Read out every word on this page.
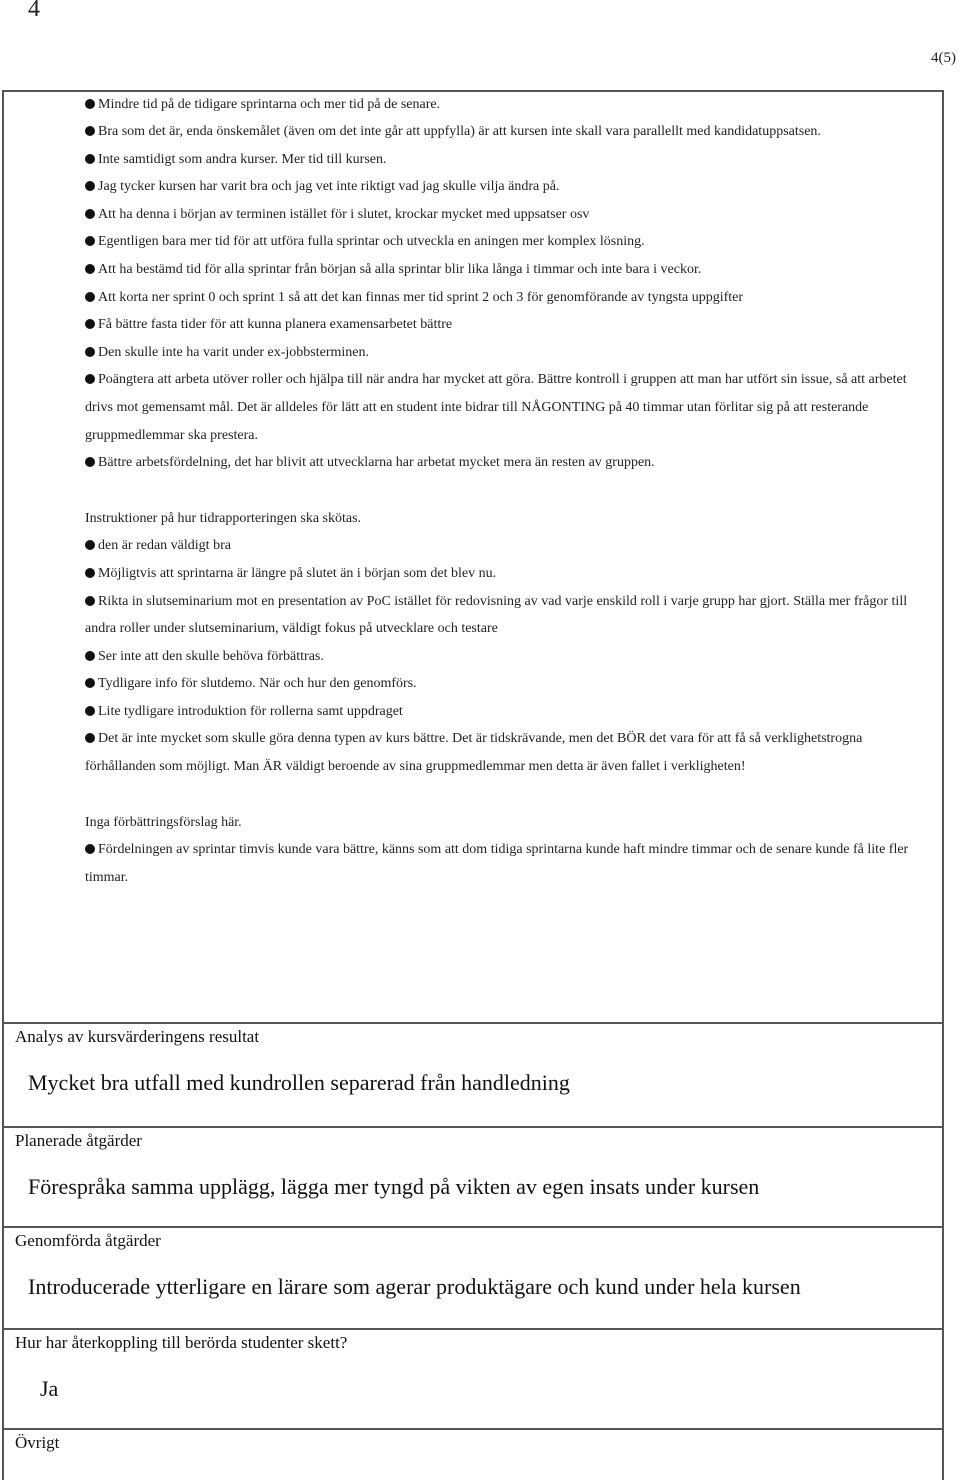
4
4(5)

Mindre tid på de tidigare sprintarna och mer tid på de senare.

Bra som det är, enda önskemålet (även om det inte går att uppfylla) är att kursen inte skall vara parallellt med kandidatuppsatsen.

Inte samtidigt som andra kurser. Mer tid till kursen.

Jag tycker kursen har varit bra och jag vet inte riktigt vad jag skulle vilja ändra på.

Att ha denna i början av terminen istället för i slutet, krockar mycket med uppsatser osv

Egentligen bara mer tid för att utföra fulla sprintar och utveckla en aningen mer komplex lösning.

Att ha bestämd tid för alla sprintar från början så alla sprintar blir lika långa i timmar och inte bara i veckor.

Att korta ner sprint 0 och sprint 1 så att det kan finnas mer tid sprint 2 och 3 för genomförande av tyngsta uppgifter

Få bättre fasta tider för att kunna planera examensarbetet bättre

Den skulle inte ha varit under ex-jobbsterminen.

Poängtera att arbeta utöver roller och hjälpa till när andra har mycket att göra. Bättre kontroll i gruppen att man har utfört sin issue, så att arbetet drivs mot gemensamt mål. Det är alldeles för lätt att en student inte bidrar till NÅGONTING på 40 timmar utan förlitar sig på att resterande gruppmedlemmar ska prestera.

Bättre arbetsfördelning, det har blivit att utvecklarna har arbetat mycket mera än resten av gruppen.

Instruktioner på hur tidrapporteringen ska skötas.

den är redan väldigt bra

Möjligtvis att sprintarna är längre på slutet än i början som det blev nu.

Rikta in slutseminarium mot en presentation av PoC istället för redovisning av vad varje enskild roll i varje grupp har gjort. Ställa mer frågor till andra roller under slutseminarium, väldigt fokus på utvecklare och testare

Ser inte att den skulle behöva förbättras.

Tydligare info för slutdemo. När och hur den genomförs.

Lite tydligare introduktion för rollerna samt uppdraget

Det är inte mycket som skulle göra denna typen av kurs bättre. Det är tidskrävande, men det BÖR det vara för att få så verklighetstrogna förhållanden som möjligt. Man ÄR väldigt beroende av sina gruppmedlemmar men detta är även fallet i verkligheten!

Inga förbättringsförslag här.

Fördelningen av sprintar timvis kunde vara bättre, känns som att dom tidiga sprintarna kunde haft mindre timmar och de senare kunde få lite fler timmar.

Analys av kursvärderingens resultat
Mycket bra utfall med kundrollen separerad från handledning
Planerade åtgärder
Förespråka samma upplägg, lägga mer tyngd på vikten av egen insats under kursen
Genomförda åtgärder
Introducerade ytterligare en lärare som agerar produktägare och kund under hela kursen
Hur har återkoppling till berörda studenter skett?
Ja
Övrigt
